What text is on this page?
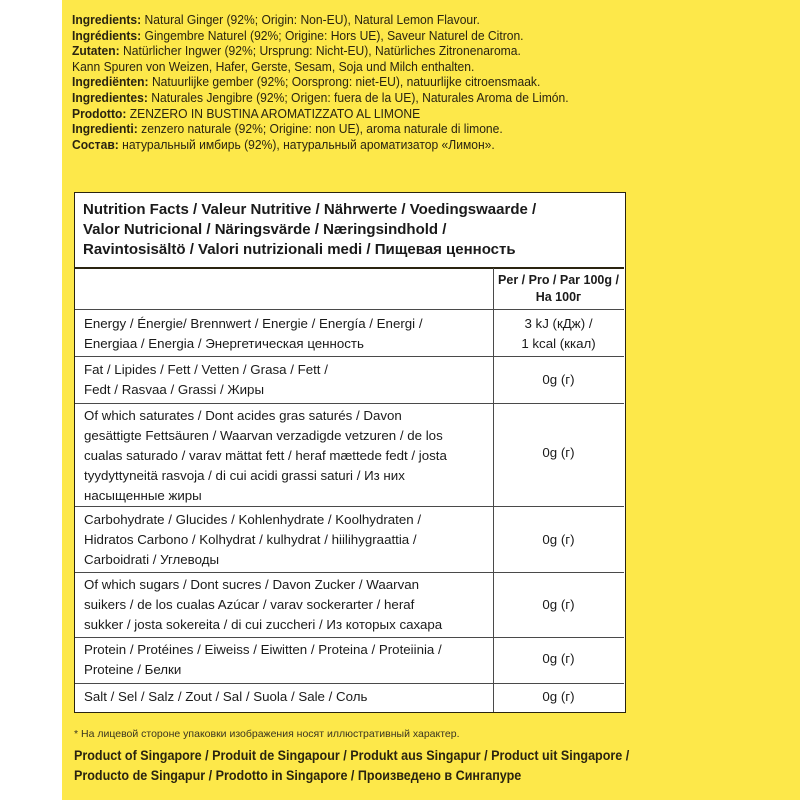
Ingredients: Natural Ginger (92%; Origin: Non-EU), Natural Lemon Flavour.
Ingrédients: Gingembre Naturel (92%; Origine: Hors UE), Saveur Naturel de Citron.
Zutaten: Natürlicher Ingwer (92%; Ursprung: Nicht-EU), Natürliches Zitronenaroma.
Kann Spuren von Weizen, Hafer, Gerste, Sesam, Soja und Milch enthalten.
Ingrediënten: Natuurlijke gember (92%; Oorsprong: niet-EU), natuurlijke citroensmaak.
Ingredientes: Naturales Jengibre (92%; Origen: fuera de la UE), Naturales Aroma de Limón.
Prodotto: ZENZERO IN BUSTINA AROMATIZZATO AL LIMONE
Ingredienti: zenzero naturale (92%; Origine: non UE), aroma naturale di limone.
Состав: натуральный имбирь (92%), натуральный ароматизатор «Лимон».
Nutrition Facts / Valeur Nutritive / Nährwerte / Voedingswaarde /
Valor Nutricional / Näringsvärde / Næringsindhold /
Ravintosisältö / Valori nutrizionali medi / Пищевая ценность
Per / Pro / Par 100g /
На 100г
Energy / Énergie/ Brennwert / Energie / Energía / Energi /
Energiaa / Energia / Энергетическая ценность
3 kJ (кДж) /
1 kcal (ккал)
Fat / Lipides / Fett / Vetten / Grasa / Fett /
Fedt / Rasvaa / Grassi / Жиры
0g (г)
Of which saturates / Dont acides gras saturés / Davon
gesättigte Fettsäuren / Waarvan verzadigde vetzuren / de los
cualas saturado / varav mättat fett / heraf mættede fedt / josta
tyydyttyneitä rasvoja / di cui acidi grassi saturi / Из них
насыщенные жиры
0g (г)
Carbohydrate / Glucides / Kohlenhydrate / Koolhydraten /
Hidratos Carbono / Kolhydrat / kulhydrat / hiilihygraattia /
Carboidrati / Углеводы
0g (г)
Of which sugars / Dont sucres / Davon Zucker / Waarvan
suikers / de los cualas Azúcar / varav sockerarter / heraf
sukker / josta sokereita / di cui zuccheri / Из которых сахара
0g (г)
Protein / Protéines / Eiweiss / Eiwitten / Proteina / Proteiinia /
Proteine / Белки
0g (г)
Salt / Sel / Salz / Zout / Sal / Suola / Sale / Соль	0g (г)
* На лицевой стороне упаковки изображения носят иллюстративный характер.
Product of Singapore / Produit de Singapour / Produkt aus Singapur / Product uit Singapore /
Producto de Singapur / Prodotto in Singapore / Произведено в Сингапуре
